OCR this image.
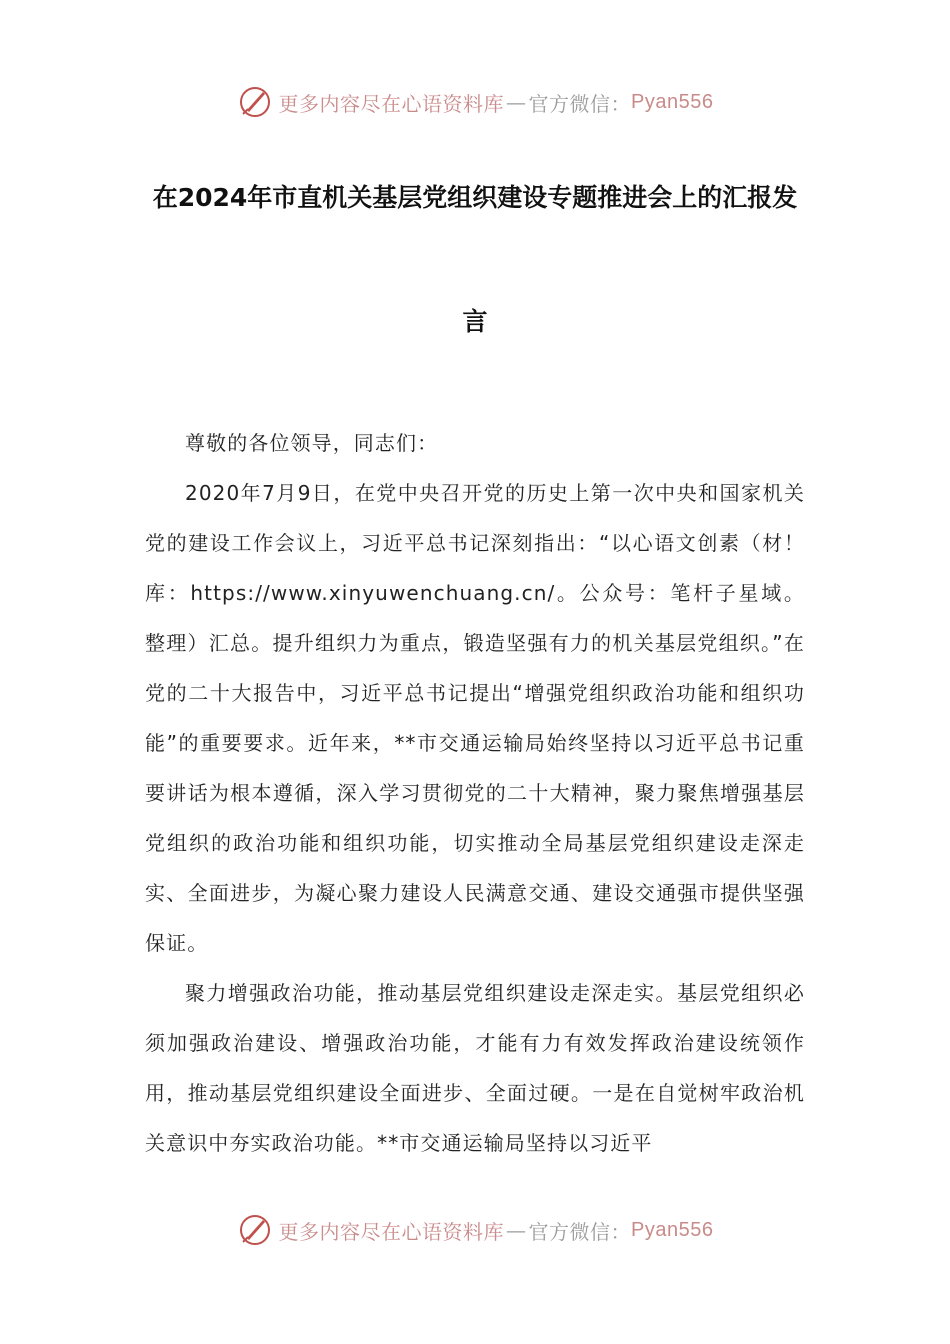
更多内容尽在心语资料库 — 官方微信： Pyan556
在2024年市直机关基层党组织建设专题推进会上的汇报发
言

尊敬的各位领导，同志们：

2020年7月9日，在党中央召开党的历史上第一次中央和国家机关党的建设工作会议上，习近平总书记深刻指出：“以心语文创素（材！库：https://www.xinyuwenchuang.cn/。公众号：笔杆子星域。整理）汇总。提升组织力为重点，锻造坚强有力的机关基层党组织。”在党的二十大报告中，习近平总书记提出“增强党组织政治功能和组织功能”的重要要求。近年来，**市交通运输局始终坚持以习近平总书记重要讲话为根本遵循，深入学习贯彻党的二十大精神，聚力聚焦增强基层党组织的政治功能和组织功能，切实推动全局基层党组织建设走深走实、全面进步，为凝心聚力建设人民满意交通、建设交通强市提供坚强保证。

聚力增强政治功能，推动基层党组织建设走深走实。基层党组织必须加强政治建设、增强政治功能，才能有力有效发挥政治建设统领作用，推动基层党组织建设全面进步、全面过硬。一是在自觉树牢政治机关意识中夯实政治功能。**市交通运输局坚持以习近平

更多内容尽在心语资料库 — 官方微信： Pyan556
